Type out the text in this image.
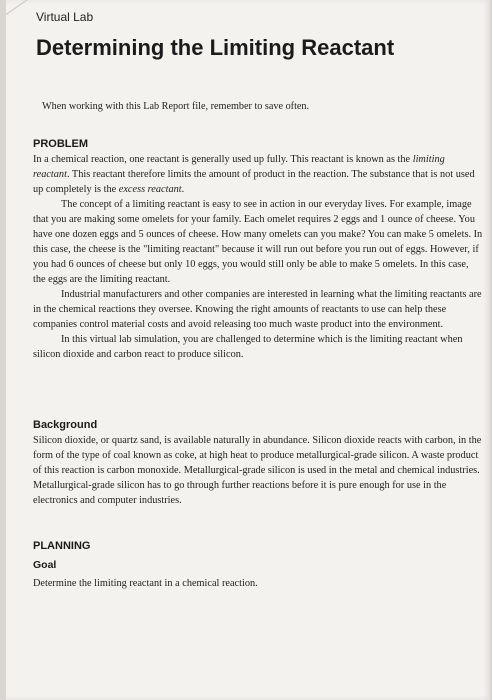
Virtual Lab
Determining the Limiting Reactant
When working with this Lab Report file, remember to save often.
PROBLEM

In a chemical reaction, one reactant is generally used up fully. This reactant is known as the limiting reactant. This reactant therefore limits the amount of product in the reaction. The substance that is not used up completely is the excess reactant.

The concept of a limiting reactant is easy to see in action in our everyday lives. For example, image that you are making some omelets for your family. Each omelet requires 2 eggs and 1 ounce of cheese. You have one dozen eggs and 5 ounces of cheese. How many omelets can you make? You can make 5 omelets. In this case, the cheese is the "limiting reactant" because it will run out before you run out of eggs. However, if you had 6 ounces of cheese but only 10 eggs, you would still only be able to make 5 omelets. In this case, the eggs are the limiting reactant.

Industrial manufacturers and other companies are interested in learning what the limiting reactants are in the chemical reactions they oversee. Knowing the right amounts of reactants to use can help these companies control material costs and avoid releasing too much waste product into the environment.

In this virtual lab simulation, you are challenged to determine which is the limiting reactant when silicon dioxide and carbon react to produce silicon.

Background

Silicon dioxide, or quartz sand, is available naturally in abundance. Silicon dioxide reacts with carbon, in the form of the type of coal known as coke, at high heat to produce metallurgical-grade silicon. A waste product of this reaction is carbon monoxide. Metallurgical-grade silicon is used in the metal and chemical industries. Metallurgical-grade silicon has to go through further reactions before it is pure enough for use in the electronics and computer industries.

PLANNING
Goal

Determine the limiting reactant in a chemical reaction.
